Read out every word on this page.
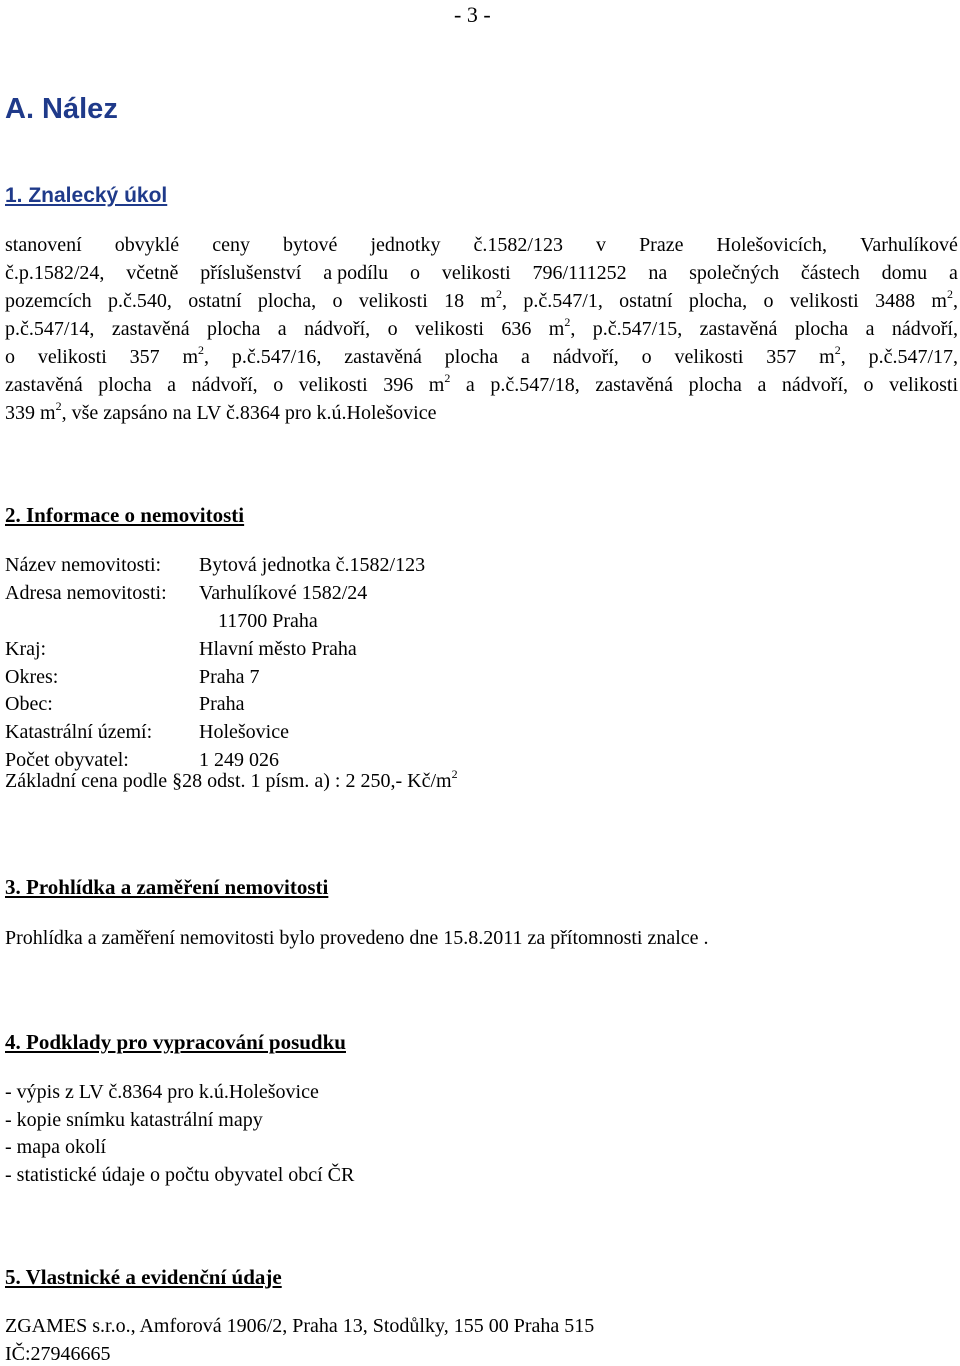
- 3 -
A. Nález
1. Znalecký úkol
stanovení obvyklé ceny bytové jednotky č.1582/123 v Praze Holešovicích, Varhulíkové
č.p.1582/24, včetně příslušenství a podílu o velikosti 796/111252 na společných částech domu a
pozemcích p.č.540, ostatní plocha, o velikosti 18 $m^2$, p.č.547/1, ostatní plocha, o velikosti 3488 $m^2$,
p.č.547/14, zastavěná plocha a nádvoří, o velikosti 636 $m^2$, p.č.547/15, zastavěná plocha a nádvoří,
o velikosti 357 $m^2$, p.č.547/16, zastavěná plocha a nádvoří, o velikosti 357 $m^2$, p.č.547/17,
zastavěná plocha a nádvoří, o velikosti 396 $m^2$ a p.č.547/18, zastavěná plocha a nádvoří, o velikosti
339 $m^2$, vše zapsáno na LV č.8364 pro k.ú.Holešovice
2. Informace o nemovitosti
Název nemovitosti: Bytová jednotka č.1582/123
Adresa nemovitosti: Varhulíkové 1582/24
11700 Praha
Kraj:	Hlavní město Praha
Okres:	Praha 7
Obec:	Praha
Katastrální území: Holešovice
Počet obyvatel:	1 249 026
Základní cena podle §28 odst. 1 písm. a) : 2 250,- $Kč/m^2$
3. Prohlídka a zaměření nemovitosti
Prohlídka a zaměření nemovitosti bylo provedeno dne 15.8.2011 za přítomnosti znalce .
4. Podklady pro vypracování posudku
- výpis z LV č.8364 pro k.ú.Holešovice
- kopie snímku katastrální mapy
- mapa okolí
- statistické údaje o počtu obyvatel obcí ČR
5. Vlastnické a evidenční údaje
ZGAMES s.r.o., Amforová 1906/2, Praha 13, Stodůlky, 155 00 Praha 515
IČ:27946665
